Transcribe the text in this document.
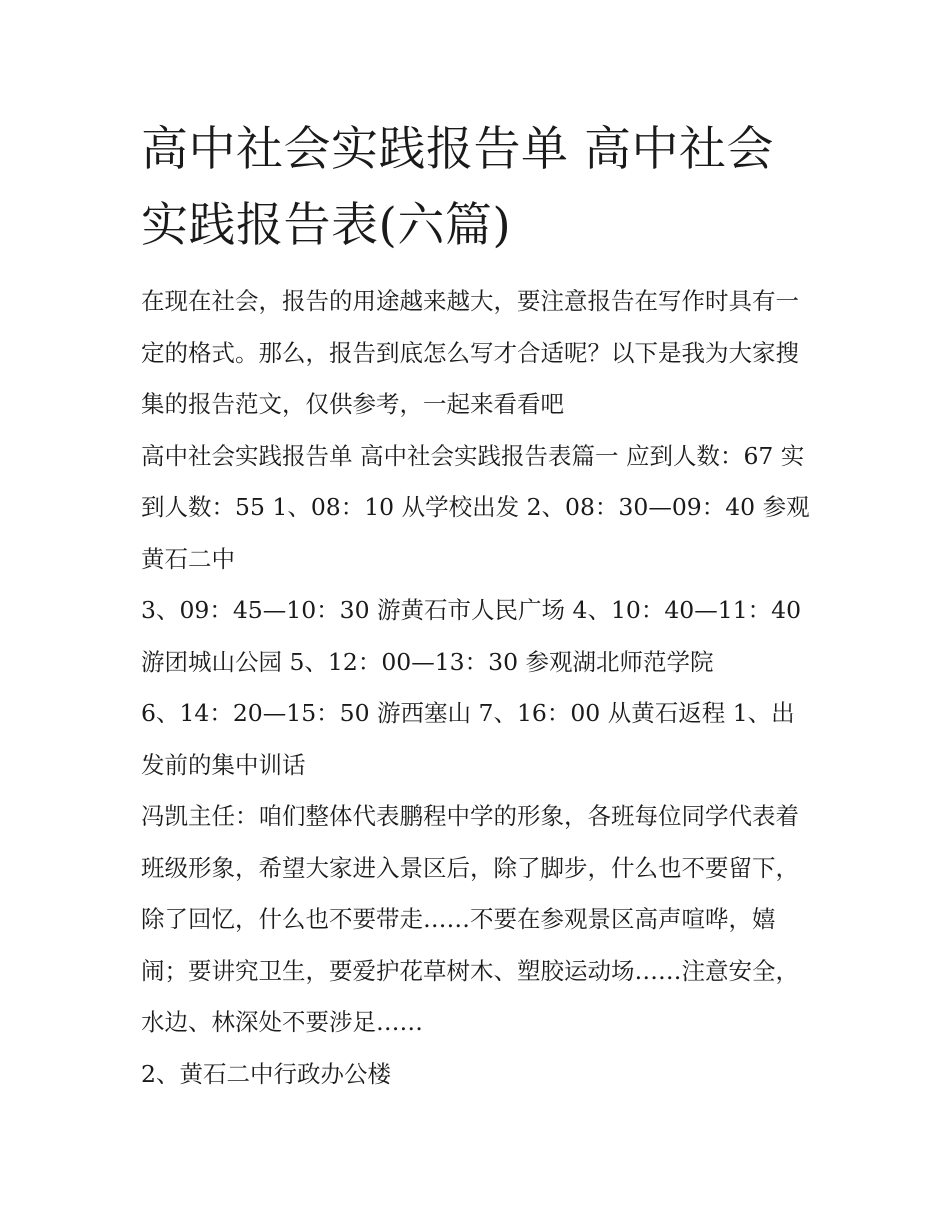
高中社会实践报告单 高中社会实践报告表(六篇)

在现在社会，报告的用途越来越大，要注意报告在写作时具有一定的格式。那么，报告到底怎么写才合适呢？以下是我为大家搜集的报告范文，仅供参考，一起来看看吧

高中社会实践报告单 高中社会实践报告表篇一 应到人数：67 实到人数：55 1、08：10 从学校出发 2、08：30—09：40 参观黄石二中

3、09：45—10：30 游黄石市人民广场 4、10：40—11：40 游团城山公园 5、12：00—13：30 参观湖北师范学院

6、14：20—15：50 游西塞山 7、16：00 从黄石返程 1、出发前的集中训话

冯凯主任：咱们整体代表鹏程中学的形象，各班每位同学代表着班级形象，希望大家进入景区后，除了脚步，什么也不要留下，除了回忆，什么也不要带走……不要在参观景区高声喧哗，嬉闹；要讲究卫生，要爱护花草树木、塑胶运动场……注意安全，水边、林深处不要涉足……

2、黄石二中行政办公楼
